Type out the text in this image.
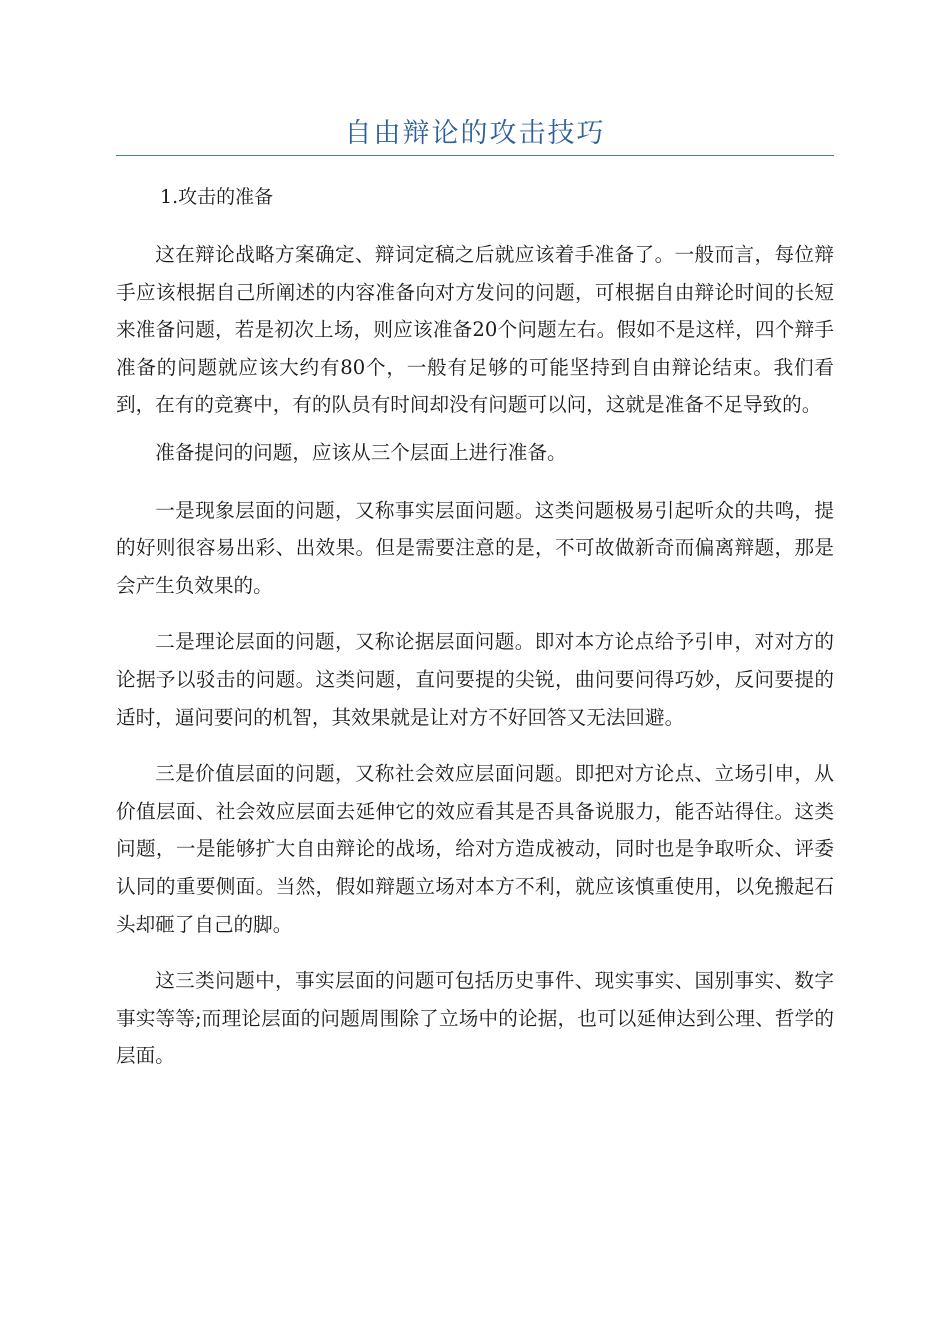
自由辩论的攻击技巧
1.攻击的准备

这在辩论战略方案确定、辩词定稿之后就应该着手准备了。一般而言，每位辩手应该根据自己所阐述的内容准备向对方发问的问题，可根据自由辩论时间的长短来准备问题，若是初次上场，则应该准备20个问题左右。假如不是这样，四个辩手准备的问题就应该大约有80个，一般有足够的可能坚持到自由辩论结束。我们看到，在有的竞赛中，有的队员有时间却没有问题可以问，这就是准备不足导致的。

准备提问的问题，应该从三个层面上进行准备。

一是现象层面的问题，又称事实层面问题。这类问题极易引起听众的共鸣，提的好则很容易出彩、出效果。但是需要注意的是，不可故做新奇而偏离辩题，那是会产生负效果的。

二是理论层面的问题，又称论据层面问题。即对本方论点给予引申，对对方的论据予以驳击的问题。这类问题，直问要提的尖锐，曲问要问得巧妙，反问要提的适时，逼问要问的机智，其效果就是让对方不好回答又无法回避。

三是价值层面的问题，又称社会效应层面问题。即把对方论点、立场引申，从价值层面、社会效应层面去延伸它的效应看其是否具备说服力，能否站得住。这类问题，一是能够扩大自由辩论的战场，给对方造成被动，同时也是争取听众、评委认同的重要侧面。当然，假如辩题立场对本方不利，就应该慎重使用，以免搬起石头却砸了自己的脚。

这三类问题中，事实层面的问题可包括历史事件、现实事实、国别事实、数字事实等等;而理论层面的问题周围除了立场中的论据，也可以延伸达到公理、哲学的层面。
